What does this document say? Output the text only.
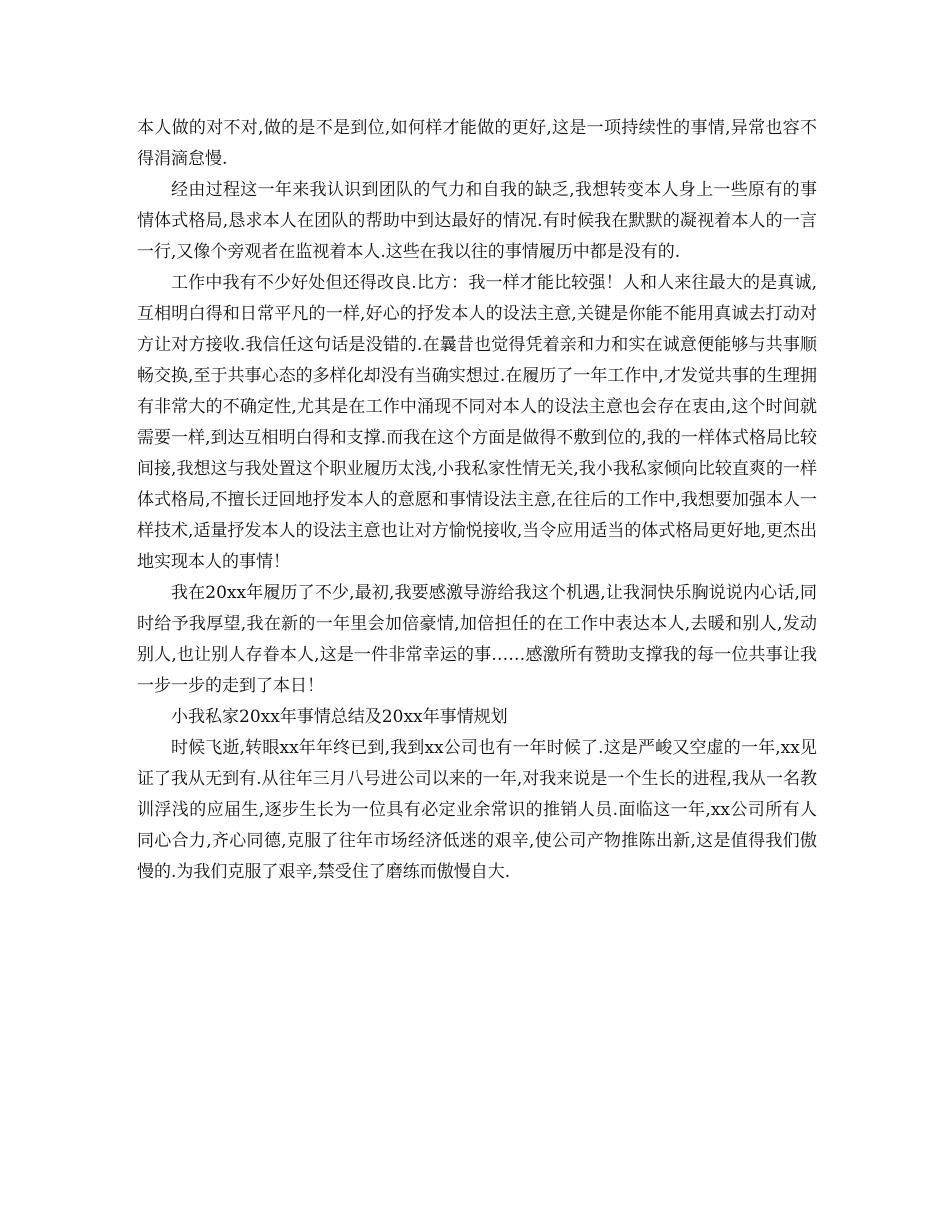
本人做的对不对,做的是不是到位,如何样才能做的更好,这是一项持续性的事情,异常也容不得涓滴怠慢.

经由过程这一年来我认识到团队的气力和自我的缺乏,我想转变本人身上一些原有的事情体式格局,恳求本人在团队的帮助中到达最好的情况.有时候我在默默的凝视着本人的一言一行,又像个旁观者在监视着本人.这些在我以往的事情履历中都是没有的.

工作中我有不少好处但还得改良.比方：我一样才能比较强！人和人来往最大的是真诚,互相明白得和日常平凡的一样,好心的抒发本人的设法主意,关键是你能不能用真诚去打动对方让对方接收.我信任这句话是没错的.在曩昔也觉得凭着亲和力和实在诚意便能够与共事顺畅交换,至于共事心态的多样化却没有当确实想过.在履历了一年工作中,才发觉共事的生理拥有非常大的不确定性,尤其是在工作中涌现不同对本人的设法主意也会存在衷由,这个时间就需要一样,到达互相明白得和支撑.而我在这个方面是做得不敷到位的,我的一样体式格局比较间接,我想这与我处置这个职业履历太浅,小我私家性情无关,我小我私家倾向比较直爽的一样体式格局,不擅长迂回地抒发本人的意愿和事情设法主意,在往后的工作中,我想要加强本人一样技术,适量抒发本人的设法主意也让对方愉悦接收,当令应用适当的体式格局更好地,更杰出地实现本人的事情！

我在20xx年履历了不少,最初,我要感激导游给我这个机遇,让我洞快乐胸说说内心话,同时给予我厚望,我在新的一年里会加倍豪情,加倍担任的在工作中表达本人,去暖和别人,发动别人,也让别人存眷本人,这是一件非常幸运的事……感激所有赞助支撑我的每一位共事让我一步一步的走到了本日！

小我私家20xx年事情总结及20xx年事情规划

时候飞逝,转眼xx年年终已到,我到xx公司也有一年时候了.这是严峻又空虚的一年,xx见证了我从无到有.从往年三月八号进公司以来的一年,对我来说是一个生长的进程,我从一名教训浮浅的应届生,逐步生长为一位具有必定业余常识的推销人员.面临这一年,xx公司所有人同心合力,齐心同德,克服了往年市场经济低迷的艰辛,使公司产物推陈出新,这是值得我们傲慢的.为我们克服了艰辛,禁受住了磨练而傲慢自大.
